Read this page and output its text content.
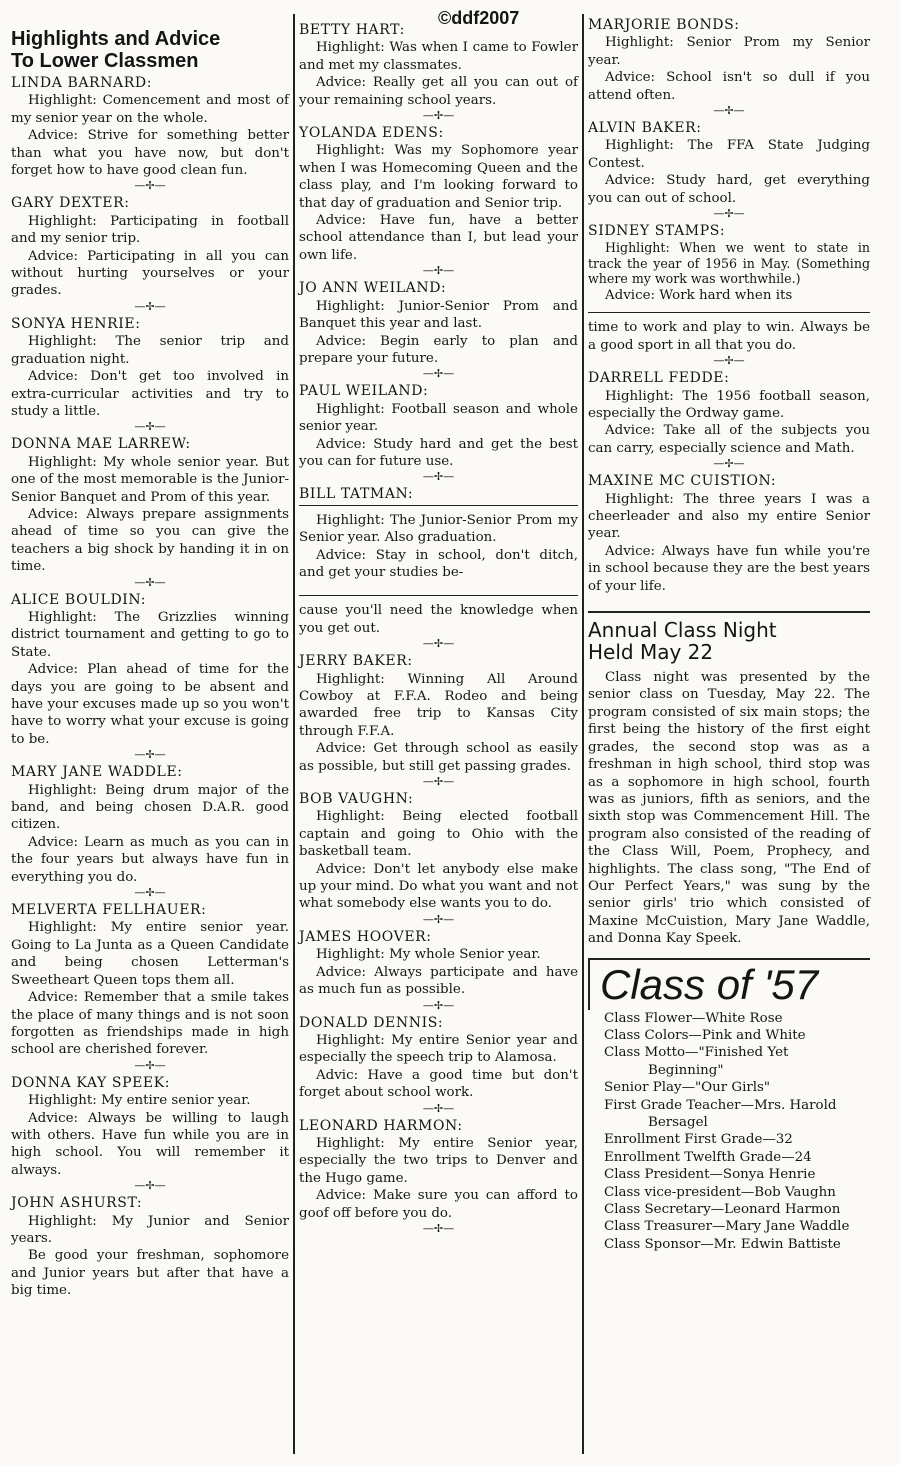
©ddf2007
Highlights and Advice
To Lower Classmen
LINDA BARNARD:
Highlight: Comencement and most of my senior year on the whole.
Advice: Strive for something better than what you have now, but don't forget how to have good clean fun.
—✢—
GARY DEXTER:
Highlight: Participating in football and my senior trip.
Advice: Participating in all you can without hurting yourselves or your grades.
—✢—
SONYA HENRIE:
Highlight: The senior trip and graduation night.
Advice: Don't get too involved in extra-curricular activities and try to study a little.
—✢—
DONNA MAE LARREW:
Highlight: My whole senior year. But one of the most memorable is the Junior-Senior Banquet and Prom of this year.
Advice: Always prepare assignments ahead of time so you can give the teachers a big shock by handing it in on time.
—✢—
ALICE BOULDIN:
Highlight: The Grizzlies winning district tournament and getting to go to State.
Advice: Plan ahead of time for the days you are going to be absent and have your excuses made up so you won't have to worry what your excuse is going to be.
—✢—
MARY JANE WADDLE:
Highlight: Being drum major of the band, and being chosen D.A.R. good citizen.
Advice: Learn as much as you can in the four years but always have fun in everything you do.
—✢—
MELVERTA FELLHAUER:
Highlight: My entire senior year. Going to La Junta as a Queen Candidate and being chosen Letterman's Sweetheart Queen tops them all.
Advice: Remember that a smile takes the place of many things and is not soon forgotten as friendships made in high school are cherished forever.
—✢—
DONNA KAY SPEEK:
Highlight: My entire senior year.
Advice: Always be willing to laugh with others. Have fun while you are in high school. You will remember it always.
—✢—
JOHN ASHURST:
Highlight: My Junior and Senior years.
Be good your freshman, sophomore and Junior years but after that have a big time.
BETTY HART:
Highlight: Was when I came to Fowler and met my classmates.
Advice: Really get all you can out of your remaining school years.
—✢—
YOLANDA EDENS:
Highlight: Was my Sophomore year when I was Homecoming Queen and the class play, and I'm looking forward to that day of graduation and Senior trip.
Advice: Have fun, have a better school attendance than I, but lead your own life.
—✢—
JO ANN WEILAND:
Highlight: Junior-Senior Prom and Banquet this year and last.
Advice: Begin early to plan and prepare your future.
—✢—
PAUL WEILAND:
Highlight: Football season and whole senior year.
Advice: Study hard and get the best you can for future use.
—✢—
BILL TATMAN:
Highlight: The Junior-Senior Prom my Senior year. Also graduation.
Advice: Stay in school, don't ditch, and get your studies be-
cause you'll need the knowledge when you get out.
—✢—
JERRY BAKER:
Highlight: Winning All Around Cowboy at F.F.A. Rodeo and being awarded free trip to Kansas City through F.F.A.
Advice: Get through school as easily as possible, but still get passing grades.
—✢—
BOB VAUGHN:
Highlight: Being elected football captain and going to Ohio with the basketball team.
Advice: Don't let anybody else make up your mind. Do what you want and not what somebody else wants you to do.
—✢—
JAMES HOOVER:
Highlight: My whole Senior year.
Advice: Always participate and have as much fun as possible.
—✢—
DONALD DENNIS:
Highlight: My entire Senior year and especially the speech trip to Alamosa.
Advic: Have a good time but don't forget about school work.
—✢—
LEONARD HARMON:
Highlight: My entire Senior year, especially the two trips to Denver and the Hugo game.
Advice: Make sure you can afford to goof off before you do.
—✢—
MARJORIE BONDS:
Highlight: Senior Prom my Senior year.
Advice: School isn't so dull if you attend often.
—✢—
ALVIN BAKER:
Highlight: The FFA State Judging Contest.
Advice: Study hard, get everything you can out of school.
—✢—
SIDNEY STAMPS:
Highlight: When we went to state in track the year of 1956 in May. (Something where my work was worthwhile.)
Advice: Work hard when its
time to work and play to win. Always be a good sport in all that you do.
—✢—
DARRELL FEDDE:
Highlight: The 1956 football season, especially the Ordway game.
Advice: Take all of the subjects you can carry, especially science and Math.
—✢—
MAXINE MC CUISTION:
Highlight: The three years I was a cheerleader and also my entire Senior year.
Advice: Always have fun while you're in school because they are the best years of your life.
Annual Class Night
Held May 22
Class night was presented by the senior class on Tuesday, May 22. The program consisted of six main stops; the first being the history of the first eight grades, the second stop was as a freshman in high school, third stop was as a sophomore in high school, fourth was as juniors, fifth as seniors, and the sixth stop was Commencement Hill. The program also consisted of the reading of the Class Will, Poem, Prophecy, and highlights. The class song, "The End of Our Perfect Years," was sung by the senior girls' trio which consisted of Maxine McCuistion, Mary Jane Waddle, and Donna Kay Speek.
Class of '57
Class Flower—White Rose
Class Colors—Pink and White
Class Motto—"Finished Yet
Beginning"
Senior Play—"Our Girls"
First Grade Teacher—Mrs. Harold
Bersagel
Enrollment First Grade—32
Enrollment Twelfth Grade—24
Class President—Sonya Henrie
Class vice-president—Bob Vaughn
Class Secretary—Leonard Harmon
Class Treasurer—Mary Jane Waddle
Class Sponsor—Mr. Edwin Battiste
